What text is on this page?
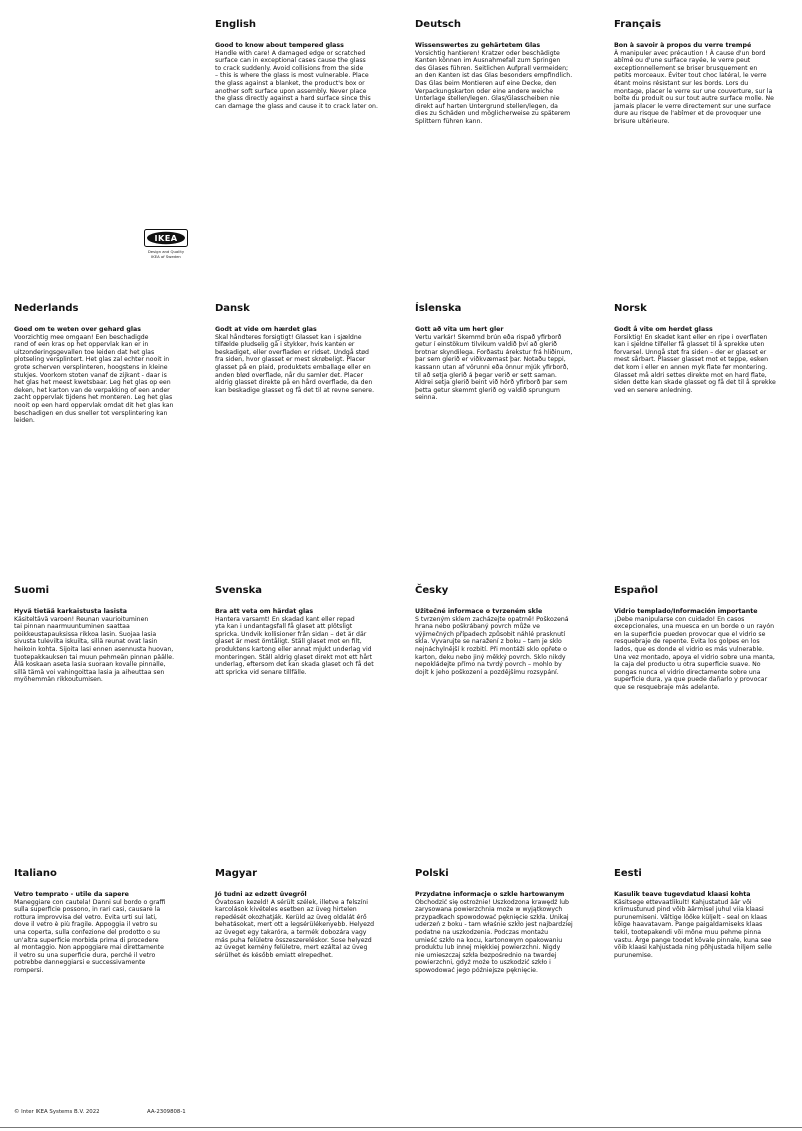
IKEA
Design and Quality
IKEA of Sweden
English
Good to know about tempered glass

Handle with care! A damaged edge or scratched
surface can in exceptional cases cause the glass
to crack suddenly. Avoid collisions from the side
– this is where the glass is most vulnerable. Place
the glass against a blanket, the product's box or
another soft surface upon assembly. Never place
the glass directly against a hard surface since this
can damage the glass and cause it to crack later on.

Deutsch
Wissenswertes zu gehärtetem Glas

Vorsichtig hantieren! Kratzer oder beschädigte
Kanten können im Ausnahmefall zum Springen
des Glases führen. Seitlichen Aufprall vermeiden;
an den Kanten ist das Glas besonders empfindlich.
Das Glas beim Montieren auf eine Decke, den
Verpackungskarton oder eine andere weiche
Unterlage stellen/legen. Glas/Glasscheiben nie
direkt auf harten Untergrund stellen/legen, da
dies zu Schäden und möglicherweise zu späterem
Splittern führen kann.

Français
Bon à savoir à propos du verre trempé

À manipuler avec précaution ! À cause d'un bord
abîmé ou d'une surface rayée, le verre peut
exceptionnellement se briser brusquement en
petits morceaux. Éviter tout choc latéral, le verre
étant moins résistant sur les bords. Lors du
montage, placer le verre sur une couverture, sur la
boîte du produit ou sur tout autre surface molle. Ne
jamais placer le verre directement sur une surface
dure au risque de l'abîmer et de provoquer une
brisure ultérieure.

Nederlands
Goed om te weten over gehard glas

Voorzichtig mee omgaan! Een beschadigde
rand of een kras op het oppervlak kan er in
uitzonderingsgevallen toe leiden dat het glas
plotseling versplintert. Het glas zal echter nooit in
grote scherven versplinteren, hoogstens in kleine
stukjes. Voorkom stoten vanaf de zijkant - daar is
het glas het meest kwetsbaar. Leg het glas op een
deken, het karton van de verpakking of een ander
zacht oppervlak tijdens het monteren. Leg het glas
nooit op een hard oppervlak omdat dit het glas kan
beschadigen en dus sneller tot versplintering kan
leiden.

Dansk
Godt at vide om hærdet glas

Skal håndteres forsigtigt! Glasset kan i sjældne
tilfælde pludselig gå i stykker, hvis kanten er
beskadiget, eller overfladen er ridset. Undgå stød
fra siden, hvor glasset er mest skrøbeligt. Placer
glasset på en plaid, produktets emballage eller en
anden blød overflade, når du samler det. Placer
aldrig glasset direkte på en hård overflade, da den
kan beskadige glasset og få det til at revne senere.

Íslenska
Gott að vita um hert gler

Vertu varkár! Skemmd brún eða rispað yfirborð
getur í einstökum tilvikum valdið því að glerið
brotnar skyndilega. Forðastu árekstur frá hliðinum,
þar sem glerið er viðkvæmast þar. Notaðu teppi,
kassann utan af vörunni eða önnur mjúk yfirborð,
til að setja glerið á þegar verið er sett saman.
Aldrei setja glerið beint við hörð yfirborð þar sem
þetta getur skemmt glerið og valdið sprungum
seinna.

Norsk
Godt å vite om herdet glass

Forsiktig! En skadet kant eller en ripe i overflaten
kan i sjeldne tilfeller få glasset til å sprekke uten
forvarsel. Unngå støt fra siden – der er glasset er
mest sårbart. Plasser glasset mot et teppe, esken
det kom i eller en annen myk flate før montering.
Glasset må aldri settes direkte mot en hard flate,
siden dette kan skade glasset og få det til å sprekke
ved en senere anledning.

Suomi
Hyvä tietää karkaistusta lasista

Käsiteltävä varoen! Reunan vaurioituminen
tai pinnan naarmuuntuminen saattaa
poikkeustapauksissa rikkoa lasin. Suojaa lasia
sivusta tulevilta iskuilta, sillä reunat ovat lasin
heikoin kohta. Sijoita lasi ennen asennusta huovan,
tuotepakkauksen tai muun pehmeän pinnan päälle.
Älä koskaan aseta lasia suoraan kovalle pinnalle,
sillä tämä voi vahingoittaa lasia ja aiheuttaa sen
myöhemmän rikkoutumisen.

Svenska
Bra att veta om härdat glas

Hantera varsamt! En skadad kant eller repad
yta kan i undantagsfall få glaset att plötsligt
spricka. Undvik kollisioner från sidan – det är där
glaset är mest ömtåligt. Ställ glaset mot en filt,
produktens kartong eller annat mjukt underlag vid
monteringen. Ställ aldrig glaset direkt mot ett hårt
underlag, eftersom det kan skada glaset och få det
att spricka vid senare tillfälle.

Česky
Užitečné informace o tvrzeném skle

S tvrzeným sklem zacházejte opatrně! Poškozená
hrana nebo poškrábaný povrch může ve
výjimečných případech způsobit náhlé prasknutí
skla. Vyvarujte se naražení z boku – tam je sklo
nejnáchylnější k rozbití. Při montáži sklo opřete o
karton, deku nebo jiný měkký povrch. Sklo nikdy
nepokládejte přímo na tvrdý povrch – mohlo by
dojít k jeho poškození a pozdějšímu rozsypání.

Español
Vidrio templado/Información importante

¡Debe manipularse con cuidado! En casos
excepcionales, una muesca en un borde o un rayón
en la superficie pueden provocar que el vidrio se
resquebraje de repente. Evita los golpes en los
lados, que es donde el vidrio es más vulnerable.
Una vez montado, apoya el vidrio sobre una manta,
la caja del producto u otra superficie suave. No
pongas nunca el vidrio directamente sobre una
superficie dura, ya que puede dañarlo y provocar
que se resquebraje más adelante.

Italiano
Vetro temprato - utile da sapere

Maneggiare con cautela! Danni sul bordo o graffi
sulla superficie possono, in rari casi, causare la
rottura improvvisa del vetro. Evita urti sui lati,
dove il vetro è più fragile. Appoggia il vetro su
una coperta, sulla confezione del prodotto o su
un'altra superficie morbida prima di procedere
al montaggio. Non appoggiare mai direttamente
il vetro su una superficie dura, perché il vetro
potrebbe danneggiarsi e successivamente
rompersi.

Magyar
Jó tudni az edzett üvegről

Óvatosan kezeld! A sérült szélek, illetve a felszíni
karcolások kivételes esetben az üveg hirtelen
repedését okozhatják. Kerüld az üveg oldalát érő
behatásokat, mert ott a legsérülékenyebb. Helyezd
az üveget egy takaróra, a termék dobozára vagy
más puha felületre összeszereléskor. Sose helyezd
az üveget kemény felületre, mert ezáltal az üveg
sérülhet és később emiatt elrepedhet.

Polski
Przydatne informacje o szkle hartowanym

Obchodzić się ostrożnie! Uszkodzona krawędź lub
zarysowana powierzchnia może w wyjątkowych
przypadkach spowodować pęknięcie szkła. Unikaj
uderzeń z boku - tam właśnie szkło jest najbardziej
podatne na uszkodzenia. Podczas montażu
umieść szkło na kocu, kartonowym opakowaniu
produktu lub innej miękkiej powierzchni. Nigdy
nie umieszczaj szkła bezpośrednio na twardej
powierzchni, gdyż może to uszkodzić szkło i
spowodować jego późniejsze pęknięcie.

Eesti
Kasulik teave tugevdatud klaasi kohta

Käsitsege ettevaatlikult! Kahjustatud äär või
kriimustunud pind võib äärmisel juhul viia klaasi
purunemiseni. Vältige löőke küljelt - seal on klaas
kõige haavatavam. Pange paigaldamiseks klaas
tekil, tootepakendi või mõne muu pehme pinna
vastu. Ärge pange toodet kõvale pinnale, kuna see
võib klaasi kahjustada ning põhjustada hiljem selle
purunemise.

© Inter IKEA Systems B.V. 2022	AA-2309808-1
